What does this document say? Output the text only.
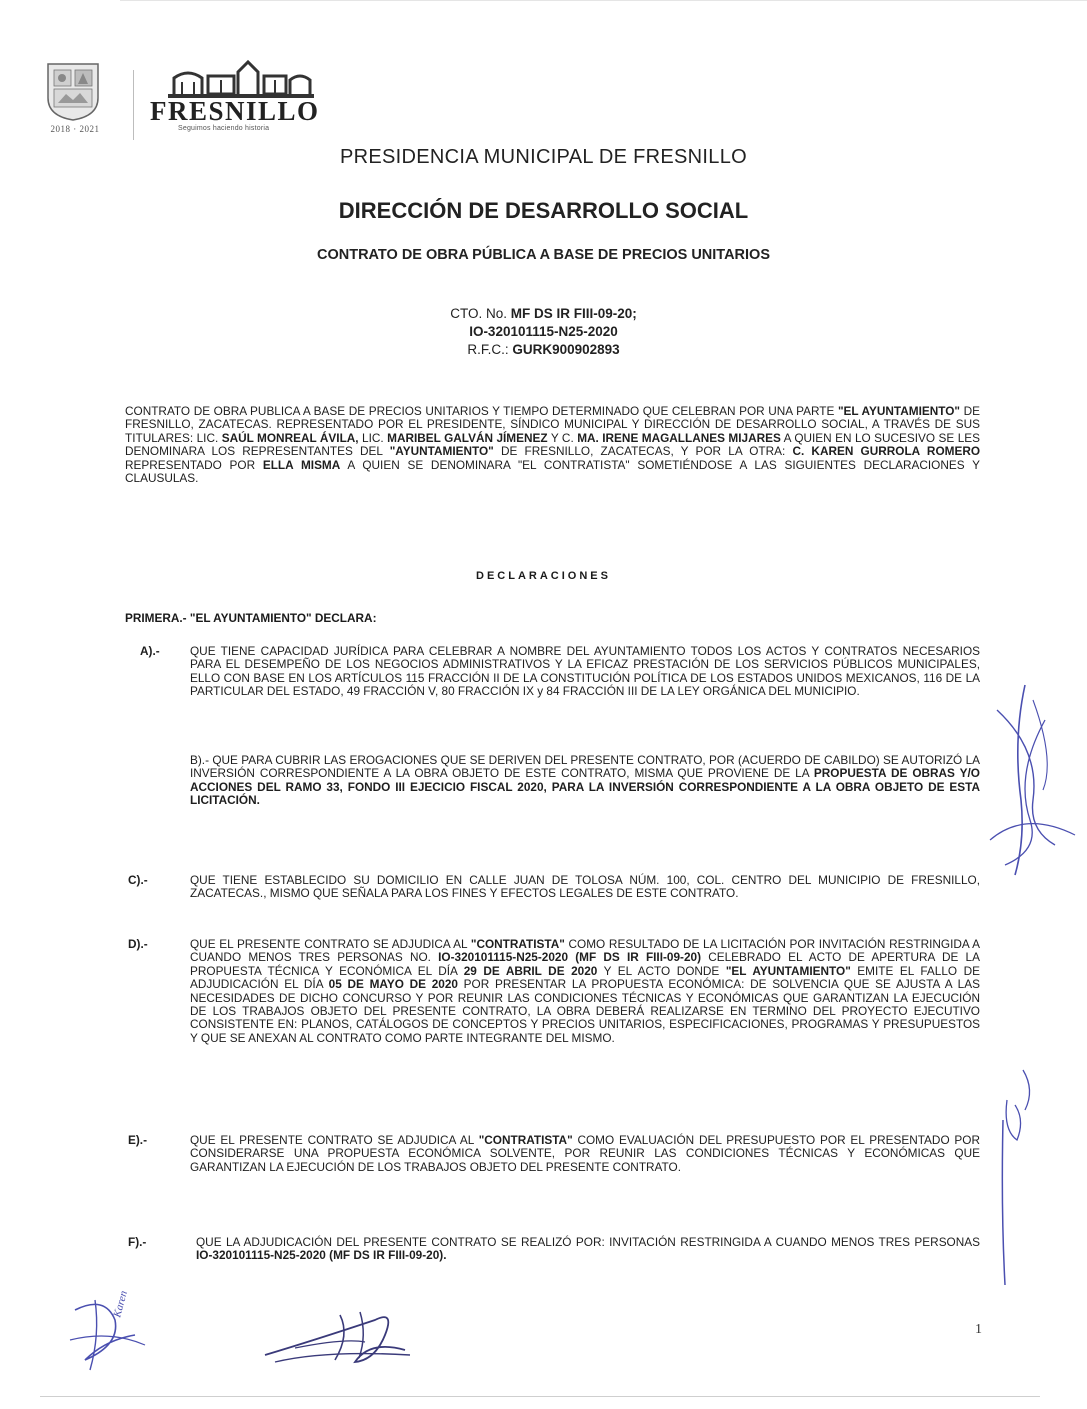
2018 · 2021
FRESNILLO
Seguimos haciendo historia
PRESIDENCIA MUNICIPAL DE FRESNILLO
DIRECCIÓN DE DESARROLLO SOCIAL
CONTRATO DE OBRA PÚBLICA A BASE DE PRECIOS UNITARIOS
CTO. No. MF DS IR FIII-09-20;
IO-320101115-N25-2020
R.F.C.: GURK900902893

CONTRATO DE OBRA PUBLICA A BASE DE PRECIOS UNITARIOS Y TIEMPO DETERMINADO QUE CELEBRAN POR UNA PARTE "EL AYUNTAMIENTO" DE FRESNILLO, ZACATECAS. REPRESENTADO POR EL PRESIDENTE, SÍNDICO MUNICIPAL Y DIRECCIÓN DE DESARROLLO SOCIAL, A TRAVÉS DE SUS TITULARES: LIC. SAÚL MONREAL ÁVILA, LIC. MARIBEL GALVÁN JÍMENEZ Y C. MA. IRENE MAGALLANES MIJARES A QUIEN EN LO SUCESIVO SE LES DENOMINARA LOS REPRESENTANTES DEL "AYUNTAMIENTO" DE FRESNILLO, ZACATECAS, Y POR LA OTRA: C. KAREN GURROLA ROMERO REPRESENTADO POR ELLA MISMA A QUIEN SE DENOMINARA "EL CONTRATISTA" SOMETIÉNDOSE A LAS SIGUIENTES DECLARACIONES Y CLAUSULAS.

DECLARACIONES
PRIMERA.- "EL AYUNTAMIENTO" DECLARA:
A).-	QUE TIENE CAPACIDAD JURÍDICA PARA CELEBRAR A NOMBRE DEL AYUNTAMIENTO TODOS LOS ACTOS Y CONTRATOS NECESARIOS PARA EL DESEMPEÑO DE LOS NEGOCIOS ADMINISTRATIVOS Y LA EFICAZ PRESTACIÓN DE LOS SERVICIOS PÚBLICOS MUNICIPALES, ELLO CON BASE EN LOS ARTÍCULOS 115 FRACCIÓN II DE LA CONSTITUCIÓN POLÍTICA DE LOS ESTADOS UNIDOS MEXICANOS, 116 DE LA PARTICULAR DEL ESTADO, 49 FRACCIÓN V, 80 FRACCIÓN IX y 84 FRACCIÓN III DE LA LEY ORGÁNICA DEL MUNICIPIO.

B).- QUE PARA CUBRIR LAS EROGACIONES QUE SE DERIVEN DEL PRESENTE CONTRATO, POR (ACUERDO DE CABILDO) SE AUTORIZÓ LA INVERSIÓN CORRESPONDIENTE A LA OBRA OBJETO DE ESTE CONTRATO, MISMA QUE PROVIENE DE LA PROPUESTA DE OBRAS Y/O ACCIONES DEL RAMO 33, FONDO III EJECICIO FISCAL 2020, PARA LA INVERSIÓN CORRESPONDIENTE A LA OBRA OBJETO DE ESTA LICITACIÓN.

C).-	QUE TIENE ESTABLECIDO SU DOMICILIO EN CALLE JUAN DE TOLOSA NÚM. 100, COL. CENTRO DEL MUNICIPIO DE FRESNILLO, ZACATECAS., MISMO QUE SEÑALA PARA LOS FINES Y EFECTOS LEGALES DE ESTE CONTRATO.

D).-	QUE EL PRESENTE CONTRATO SE ADJUDICA AL "CONTRATISTA" COMO RESULTADO DE LA LICITACIÓN POR INVITACIÓN RESTRINGIDA A CUANDO MENOS TRES PERSONAS NO. IO-320101115-N25-2020 (MF DS IR FIII-09-20) CELEBRADO EL ACTO DE APERTURA DE LA PROPUESTA TÉCNICA Y ECONÓMICA EL DÍA 29 DE ABRIL DE 2020 Y EL ACTO DONDE "EL AYUNTAMIENTO" EMITE EL FALLO DE ADJUDICACIÓN EL DÍA 05 DE MAYO DE 2020 POR PRESENTAR LA PROPUESTA ECONÓMICA: DE SOLVENCIA QUE SE AJUSTA A LAS NECESIDADES DE DICHO CONCURSO Y POR REUNIR LAS CONDICIONES TÉCNICAS Y ECONÓMICAS QUE GARANTIZAN LA EJECUCIÓN DE LOS TRABAJOS OBJETO DEL PRESENTE CONTRATO, LA OBRA DEBERÁ REALIZARSE EN TERMINO DEL PROYECTO EJECUTIVO CONSISTENTE EN: PLANOS, CATÁLOGOS DE CONCEPTOS Y PRECIOS UNITARIOS, ESPECIFICACIONES, PROGRAMAS Y PRESUPUESTOS Y QUE SE ANEXAN AL CONTRATO COMO PARTE INTEGRANTE DEL MISMO.

E).-	QUE EL PRESENTE CONTRATO SE ADJUDICA AL "CONTRATISTA" COMO EVALUACIÓN DEL PRESUPUESTO POR EL PRESENTADO POR CONSIDERARSE UNA PROPUESTA ECONÓMICA SOLVENTE, POR REUNIR LAS CONDICIONES TÉCNICAS Y ECONÓMICAS QUE GARANTIZAN LA EJECUCIÓN DE LOS TRABAJOS OBJETO DEL PRESENTE CONTRATO.

F).-	QUE LA ADJUDICACIÓN DEL PRESENTE CONTRATO SE REALIZÓ POR: INVITACIÓN RESTRINGIDA A CUANDO MENOS TRES PERSONAS IO-320101115-N25-2020 (MF DS IR FIII-09-20).

Karen
1
